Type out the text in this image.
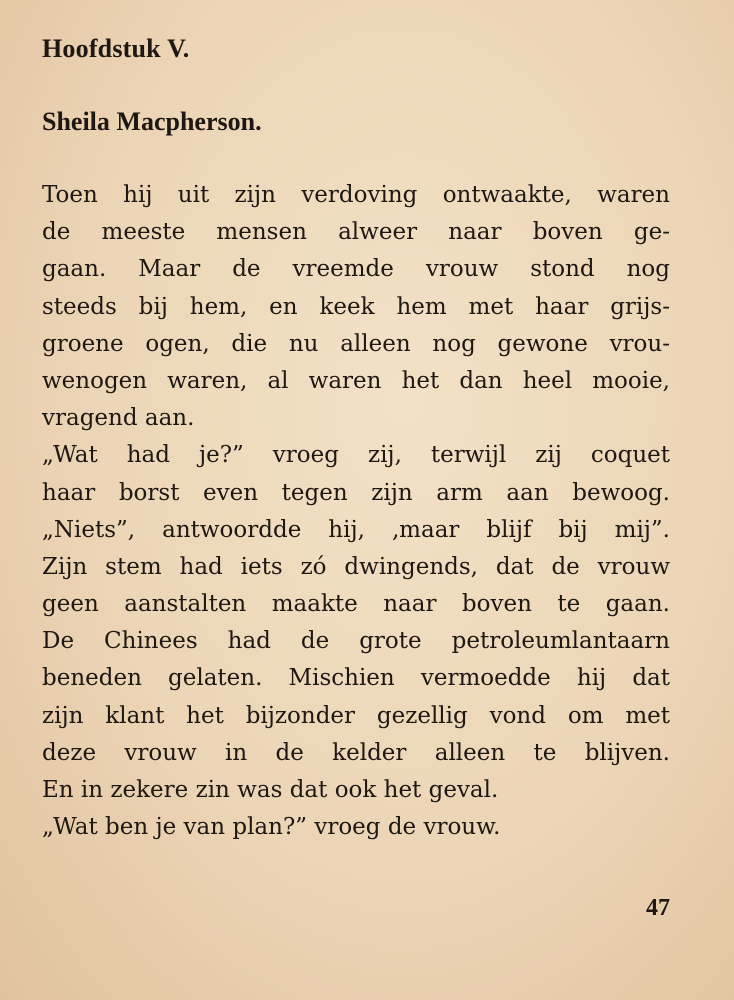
Hoofdstuk V.
Sheila Macpherson.
Toen hij uit zijn verdoving ontwaakte, waren
de meeste mensen alweer naar boven ge-
gaan. Maar de vreemde vrouw stond nog
steeds bij hem, en keek hem met haar grijs-
groene ogen, die nu alleen nog gewone vrou-
wenogen waren, al waren het dan heel mooie,
vragend aan.
„Wat had je?” vroeg zij, terwijl zij coquet
haar borst even tegen zijn arm aan bewoog.
„Niets”, antwoordde hij, ‚maar blijf bij mij”.
Zijn stem had iets zó dwingends, dat de vrouw
geen aanstalten maakte naar boven te gaan.
De Chinees had de grote petroleumlantaarn
beneden gelaten. Mischien vermoedde hij dat
zijn klant het bijzonder gezellig vond om met
deze vrouw in de kelder alleen te blijven.
En in zekere zin was dat ook het geval.
„Wat ben je van plan?” vroeg de vrouw.
47
